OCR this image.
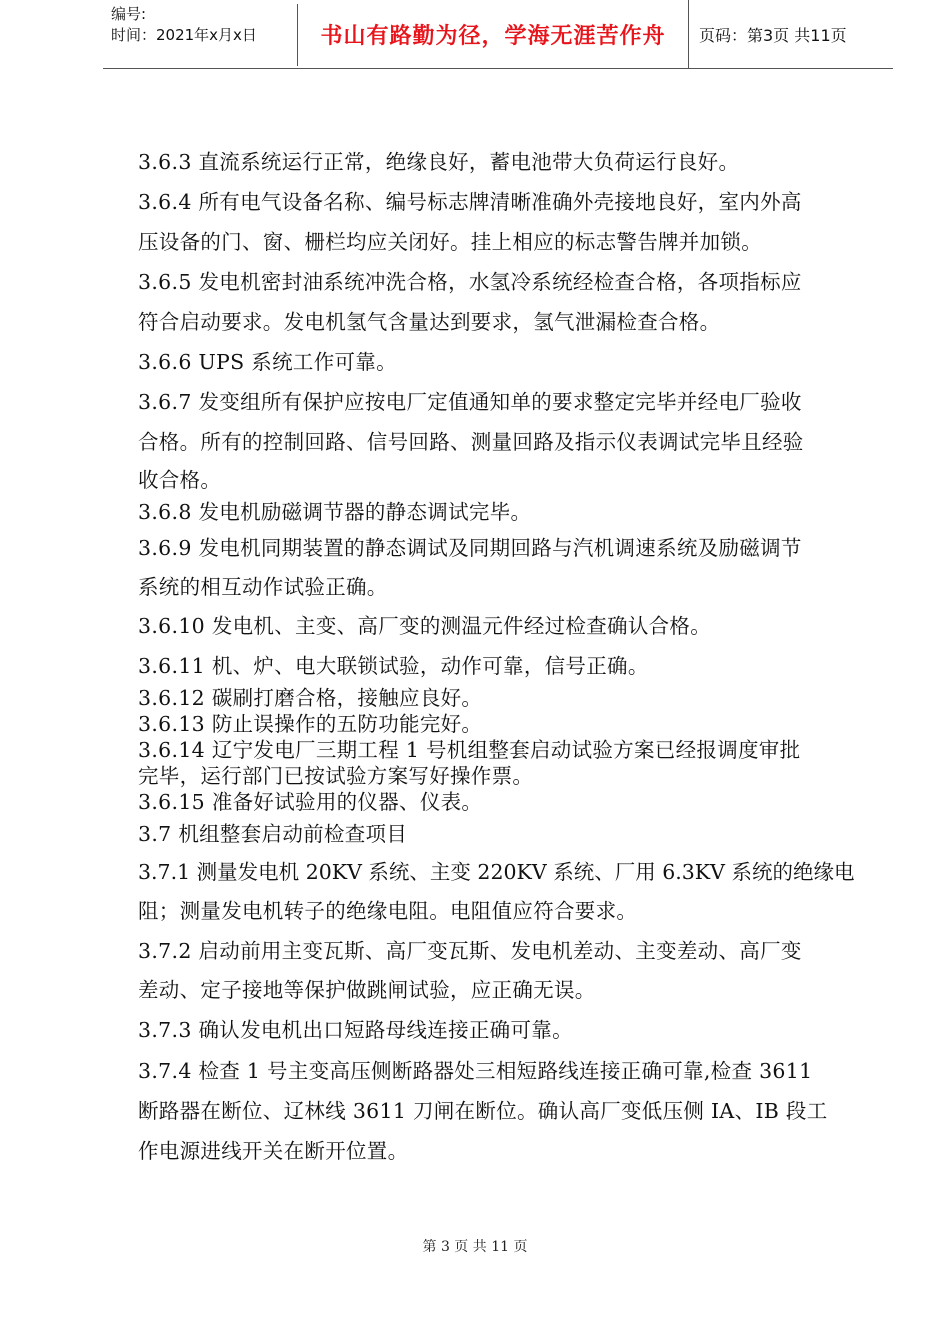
编号:
时间：2021年x月x日	书山有路勤为径，学海无涯苦作舟	页码：第3页 共11页
3.6.3 直流系统运行正常，绝缘良好，蓄电池带大负荷运行良好。
3.6.4 所有电气设备名称、编号标志牌清晰准确外壳接地良好，室内外高
压设备的门、窗、栅栏均应关闭好。挂上相应的标志警告牌并加锁。
3.6.5 发电机密封油系统冲洗合格，水氢冷系统经检查合格，各项指标应
符合启动要求。发电机氢气含量达到要求，氢气泄漏检查合格。
3.6.6 UPS 系统工作可靠。
3.6.7 发变组所有保护应按电厂定值通知单的要求整定完毕并经电厂验收
合格。所有的控制回路、信号回路、测量回路及指示仪表调试完毕且经验
收合格。
3.6.8 发电机励磁调节器的静态调试完毕。
3.6.9 发电机同期装置的静态调试及同期回路与汽机调速系统及励磁调节
系统的相互动作试验正确。
3.6.10 发电机、主变、高厂变的测温元件经过检查确认合格。
3.6.11 机、炉、电大联锁试验，动作可靠，信号正确。
3.6.12 碳刷打磨合格，接触应良好。
3.6.13 防止误操作的五防功能完好。
3.6.14 辽宁发电厂三期工程 1 号机组整套启动试验方案已经报调度审批
完毕，运行部门已按试验方案写好操作票。
3.6.15 准备好试验用的仪器、仪表。
3.7 机组整套启动前检查项目
3.7.1 测量发电机 20KV 系统、主变 220KV 系统、厂用 6.3KV 系统的绝缘电
阻；测量发电机转子的绝缘电阻。电阻值应符合要求。
3.7.2 启动前用主变瓦斯、高厂变瓦斯、发电机差动、主变差动、高厂变
差动、定子接地等保护做跳闸试验，应正确无误。
3.7.3 确认发电机出口短路母线连接正确可靠。
3.7.4 检查 1 号主变高压侧断路器处三相短路线连接正确可靠,检查 3611
断路器在断位、辽林线 3611 刀闸在断位。确认高厂变低压侧 IA、IB 段工
作电源进线开关在断开位置。
第 3 页 共 11 页
